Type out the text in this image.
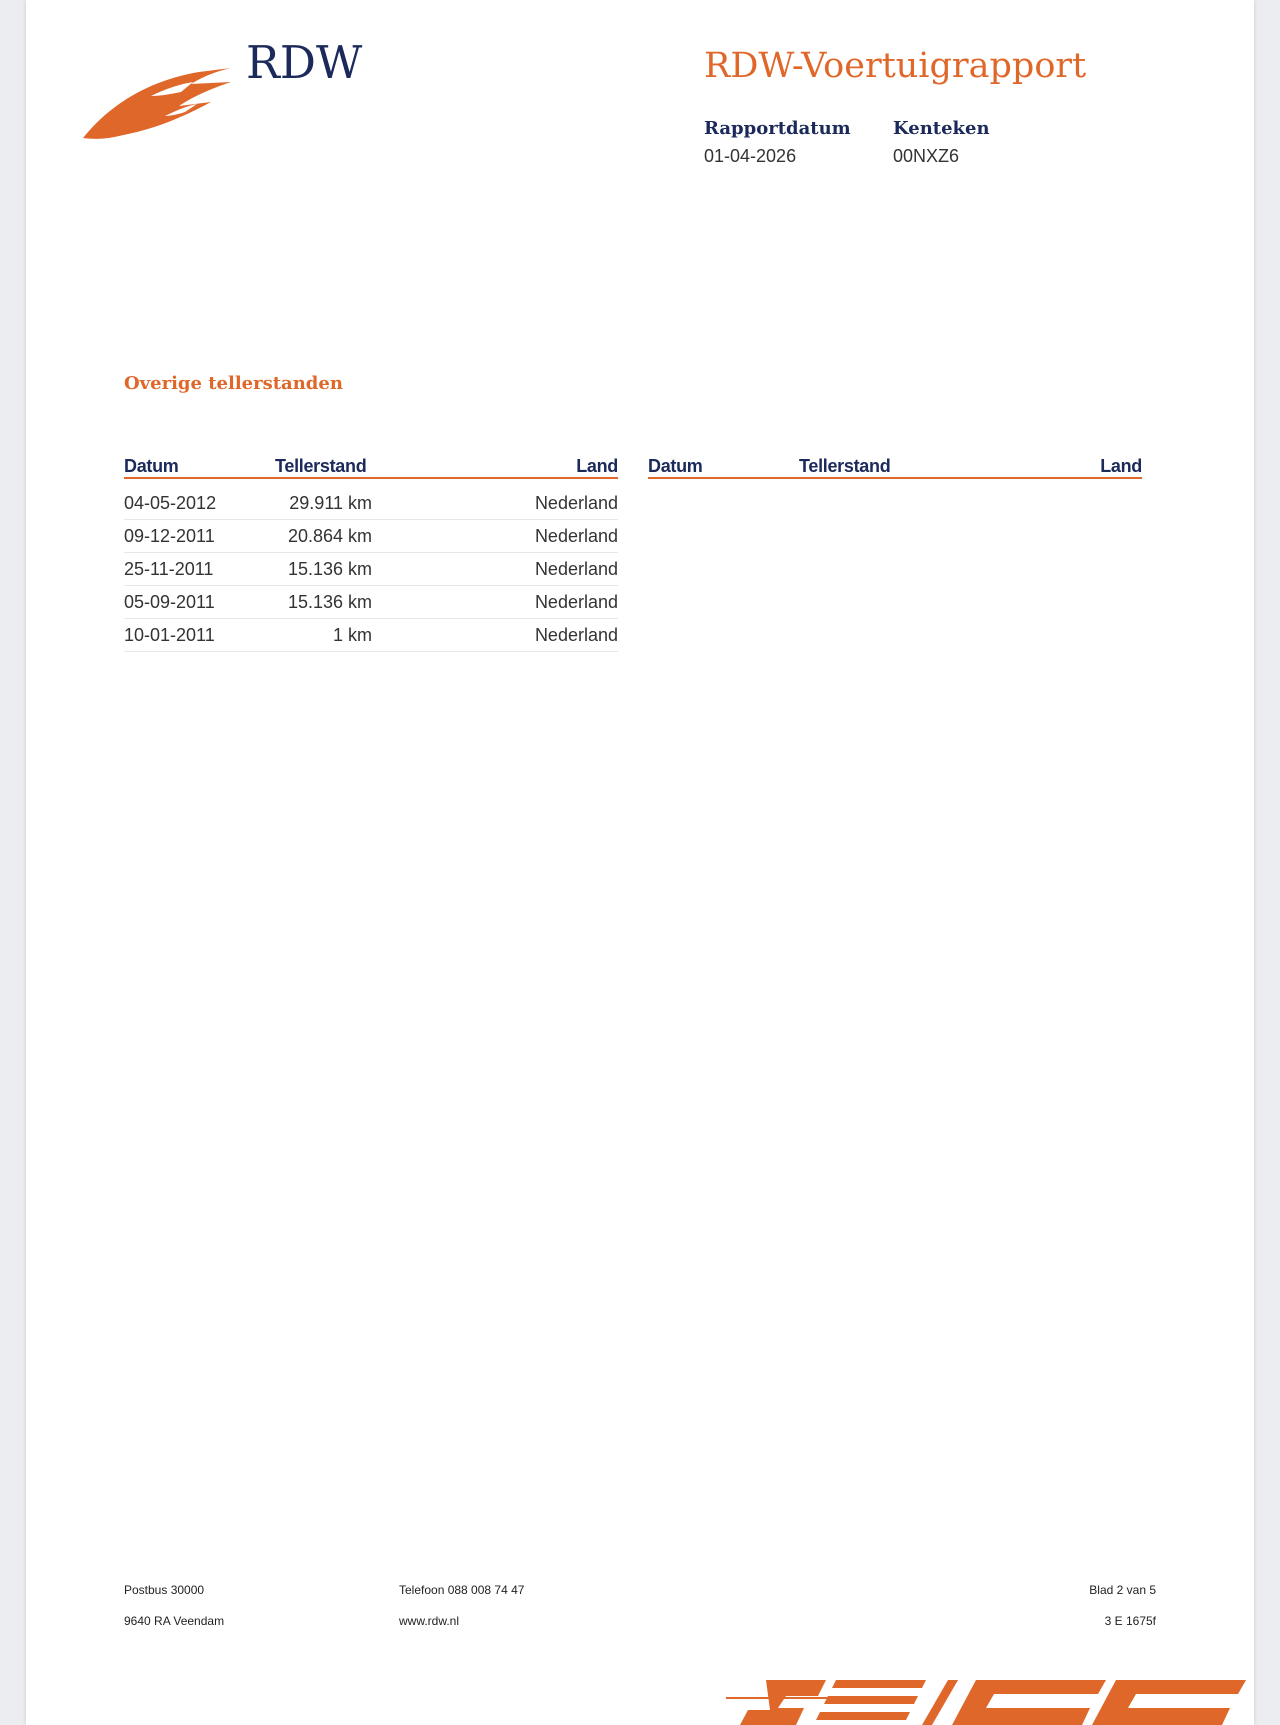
RDW	RDW-Voertuigrapport
Rapportdatum
01-04-2026
Kenteken
00NXZ6
Overige tellerstanden
Datum	Tellerstand	Land Datum	Tellerstand	Land
04-05-2012	29.911 km	Nederland
09-12-2011	20.864 km	Nederland
25-11-2011	15.136 km	Nederland
05-09-2011	15.136 km	Nederland
10-01-2011	1 km	Nederland
Postbus 30000
9640 RA Veendam
Telefoon 088 008 74 47
www.rdw.nl
Blad 2 van 5
3 E 1675f
